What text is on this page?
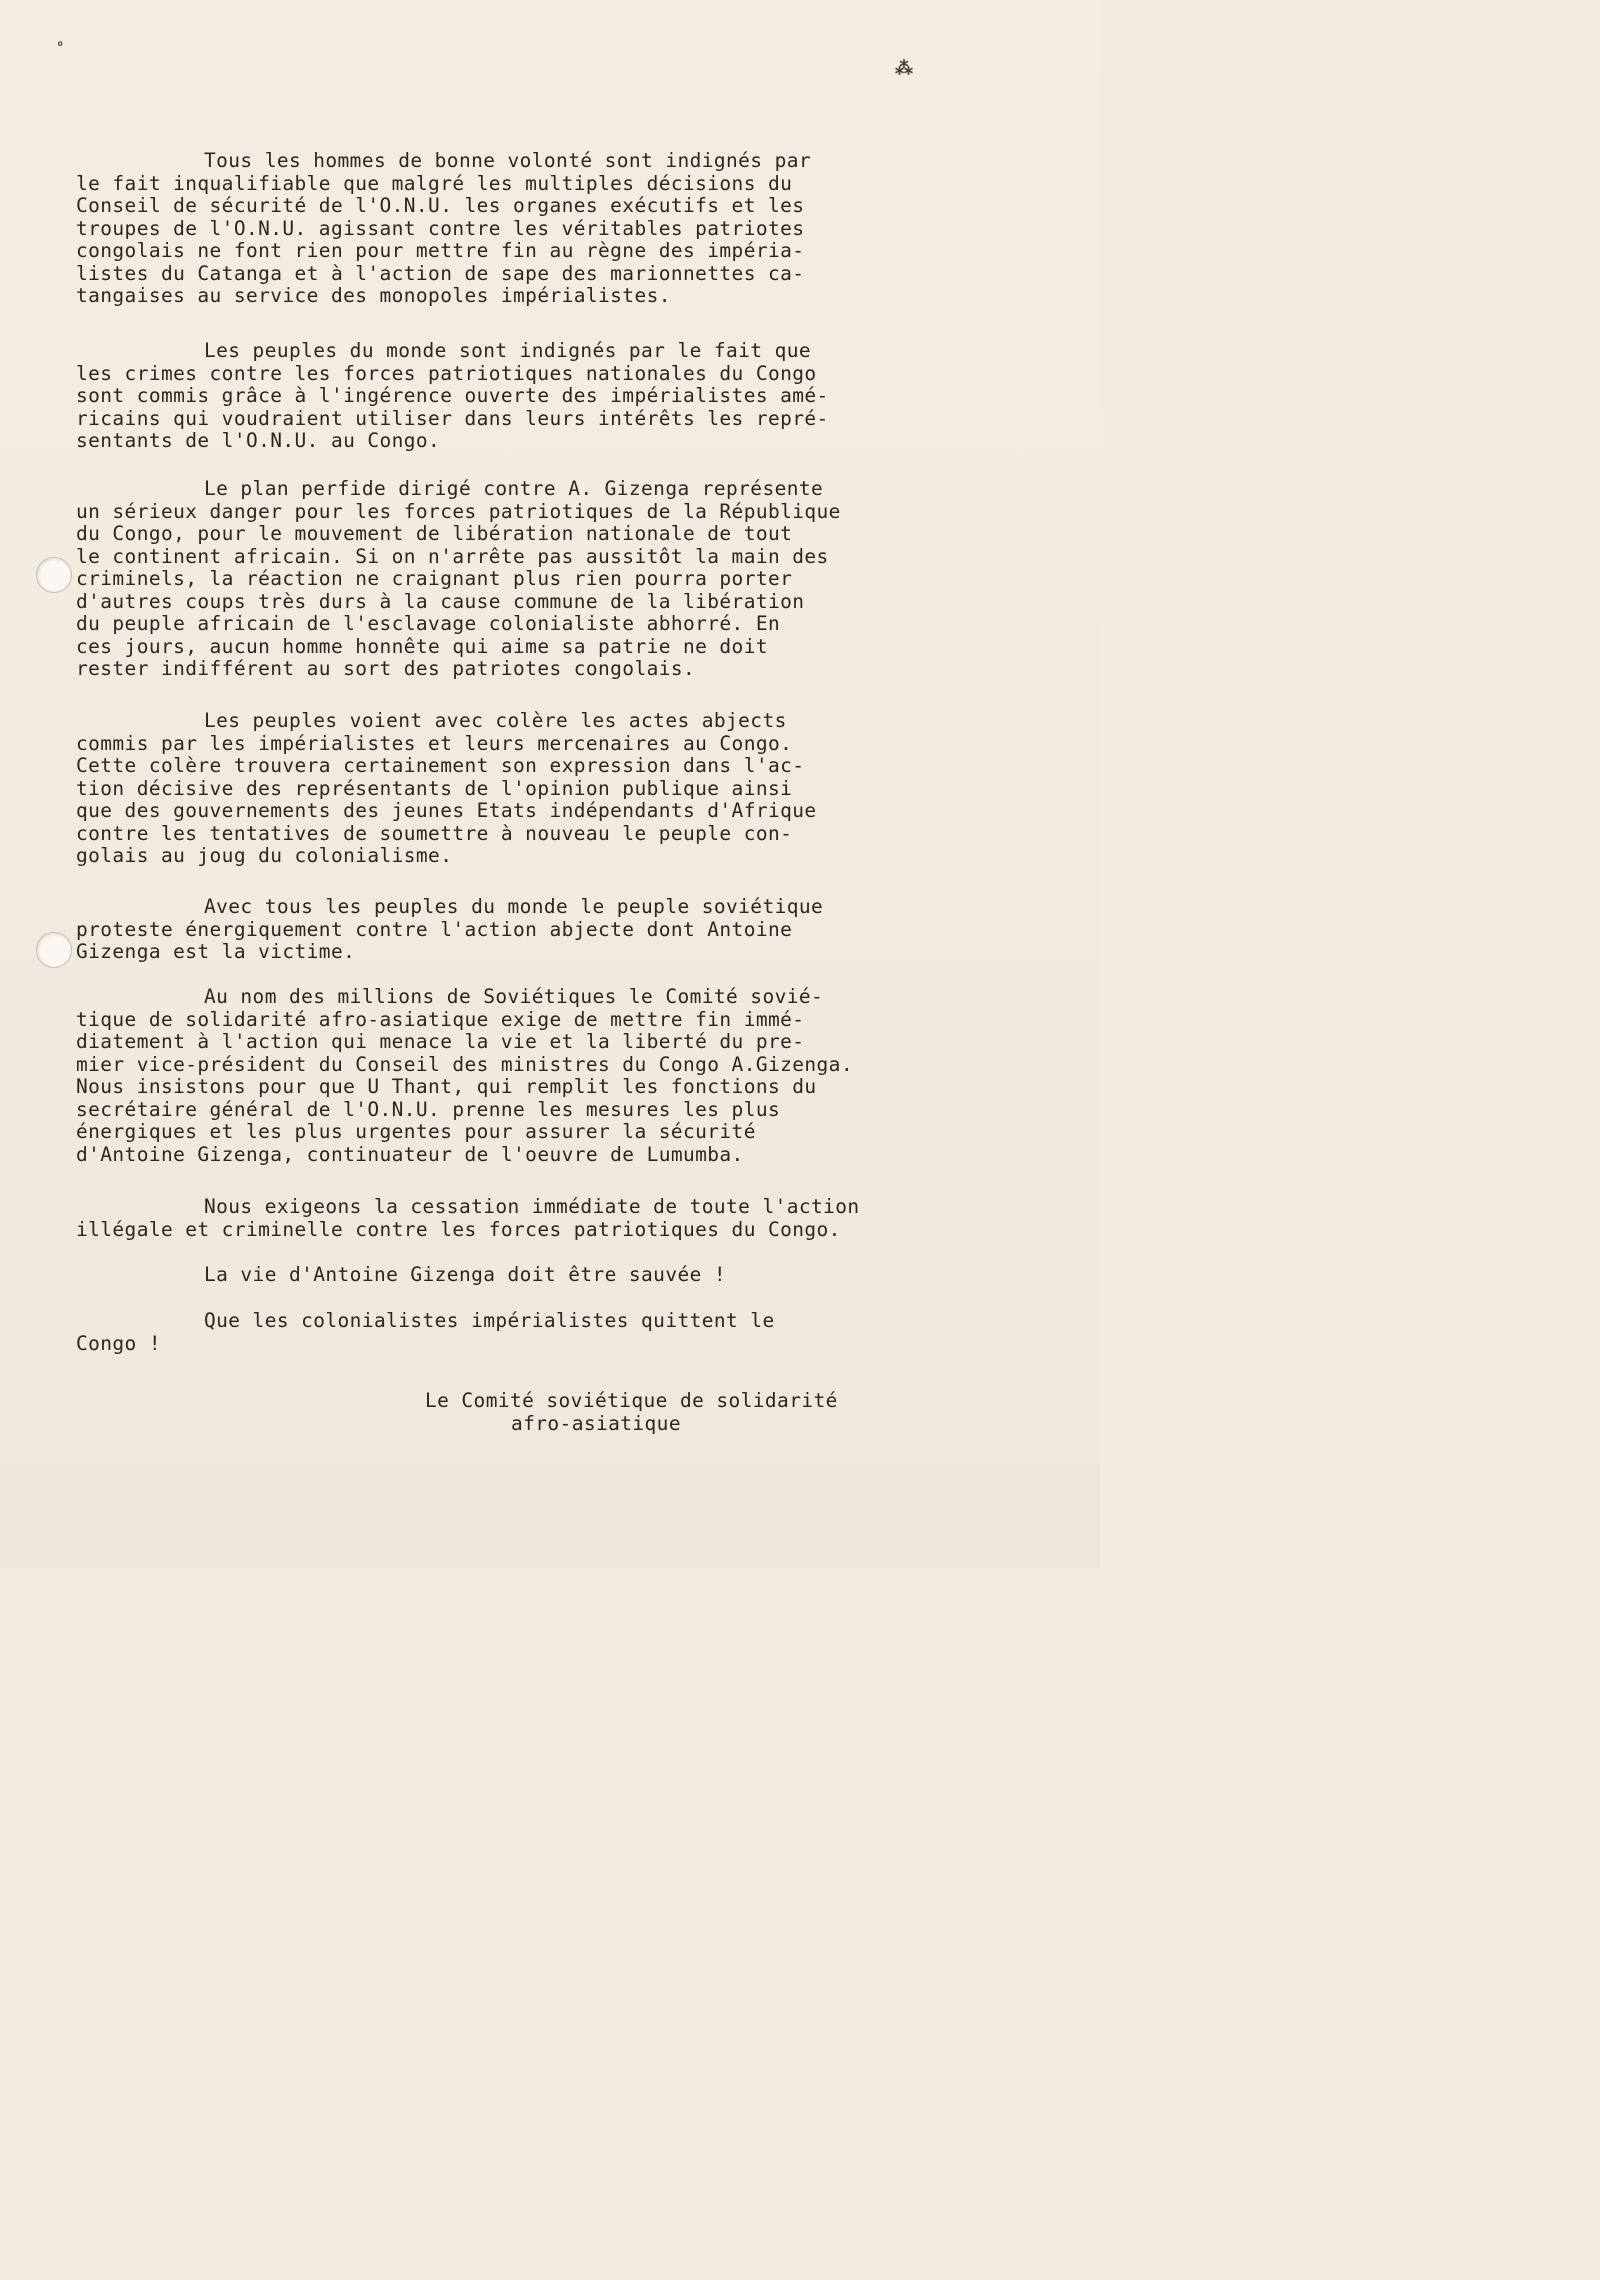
⁂
°

Tous les hommes de bonne volonté sont indignés par
le fait inqualifiable que malgré les multiples décisions du
Conseil de sécurité de l'O.N.U. les organes exécutifs et les
troupes de l'O.N.U. agissant contre les véritables patriotes
congolais ne font rien pour mettre fin au règne des impéria-
listes du Catanga et à l'action de sape des marionnettes ca-
tangaises au service des monopoles impérialistes.

Les peuples du monde sont indignés par le fait que
les crimes contre les forces patriotiques nationales du Congo
sont commis grâce à l'ingérence ouverte des impérialistes amé-
ricains qui voudraient utiliser dans leurs intérêts les repré-
sentants de l'O.N.U. au Congo.

Le plan perfide dirigé contre A. Gizenga représente
un sérieux danger pour les forces patriotiques de la République
du Congo, pour le mouvement de libération nationale de tout
le continent africain. Si on n'arrête pas aussitôt la main des
criminels, la réaction ne craignant plus rien pourra porter
d'autres coups très durs à la cause commune de la libération
du peuple africain de l'esclavage colonialiste abhorré. En
ces jours, aucun homme honnête qui aime sa patrie ne doit
rester indifférent au sort des patriotes congolais.

Les peuples voient avec colère les actes abjects
commis par les impérialistes et leurs mercenaires au Congo.
Cette colère trouvera certainement son expression dans l'ac-
tion décisive des représentants de l'opinion publique ainsi
que des gouvernements des jeunes Etats indépendants d'Afrique
contre les tentatives de soumettre à nouveau le peuple con-
golais au joug du colonialisme.

Avec tous les peuples du monde le peuple soviétique
proteste énergiquement contre l'action abjecte dont Antoine
Gizenga est la victime.

Au nom des millions de Soviétiques le Comité sovié-
tique de solidarité afro-asiatique exige de mettre fin immé-
diatement à l'action qui menace la vie et la liberté du pre-
mier vice-président du Conseil des ministres du Congo A.Gizenga.
Nous insistons pour que U Thant, qui remplit les fonctions du
secrétaire général de l'O.N.U. prenne les mesures les plus
énergiques et les plus urgentes pour assurer la sécurité
d'Antoine Gizenga, continuateur de l'oeuvre de Lumumba.

Nous exigeons la cessation immédiate de toute l'action
illégale et criminelle contre les forces patriotiques du Congo.

La vie d'Antoine Gizenga doit être sauvée !

Que les colonialistes impérialistes quittent le
Congo !

Le Comité soviétique de solidarité
afro-asiatique
